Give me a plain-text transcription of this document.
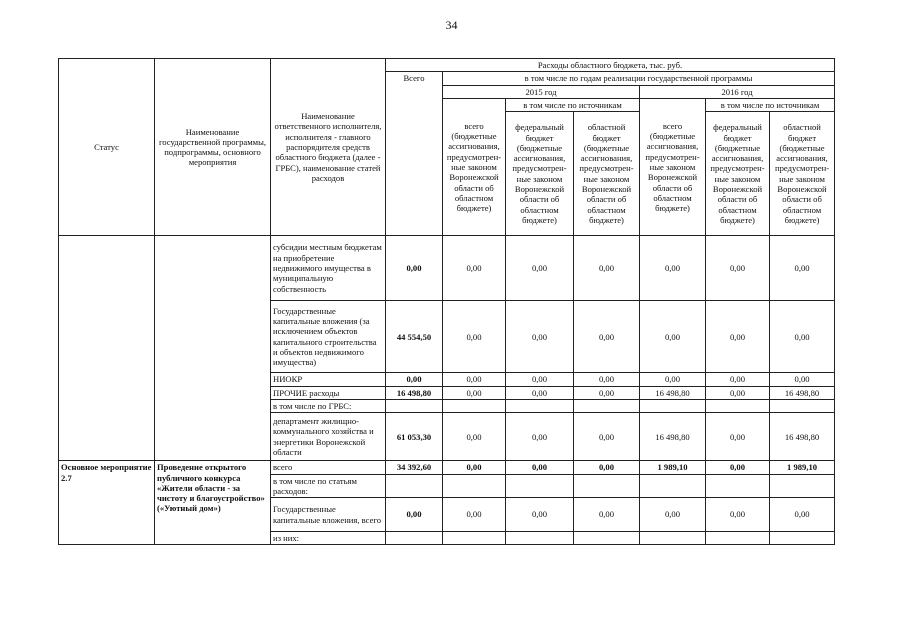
34
Статус	Наименование государственной программы, подпрограммы, основного мероприятия	Наименование ответственного исполнителя, исполнителя - главного распорядителя средств областного бюджета (далее - ГРБС), наименование статей расходов	Расходы областного бюджета, тыс. руб.						
			Всего	в том числе по годам реализации государственной программы					
				2015 год			2016 год		
				всего (бюджетные ассигнования, предусмотрен-ные законом Воронежской области об областном бюджете)	в том числе по источникам		всего (бюджетные ассигнования, предусмотрен-ные законом Воронежской области об областном бюджете)	в том числе по источникам	
					федеральный бюджет (бюджетные ассигнования, предусмотрен-ные законом Воронежской области об областном бюджете)	областной бюджет (бюджетные ассигнования, предусмотрен-ные законом Воронежской области об областном бюджете)		федеральный бюджет (бюджетные ассигнования, предусмотрен-ные законом Воронежской области об областном бюджете)	областной бюджет (бюджетные ассигнования, предусмотрен-ные законом Воронежской области об областном бюджете)
		субсидии местным бюджетам на приобретение недвижимого имущества в муниципальную собственность	0,00	0,00	0,00	0,00	0,00	0,00	0,00
		Государственные капитальные вложения (за исключением объектов капитального строительства и объектов недвижимого имущества)	44 554,50	0,00	0,00	0,00	0,00	0,00	0,00
		НИОКР	0,00	0,00	0,00	0,00	0,00	0,00	0,00
		ПРОЧИЕ расходы	16 498,80	0,00	0,00	0,00	16 498,80	0,00	16 498,80
		в том числе по ГРБС:							
		департамент жилищно-коммунального хозяйства и энергетики Воронежской области	61 053,30	0,00	0,00	0,00	16 498,80	0,00	16 498,80
Основное мероприятие 2.7	Проведение открытого публичного конкурса «Жители области - за чистоту и благоустройство» («Уютный дом»)	всего	34 392,60	0,00	0,00	0,00	1 989,10	0,00	1 989,10
		в том числе по статьям расходов:							
		Государственные капитальные вложения, всего	0,00	0,00	0,00	0,00	0,00	0,00	0,00
		из них:							
